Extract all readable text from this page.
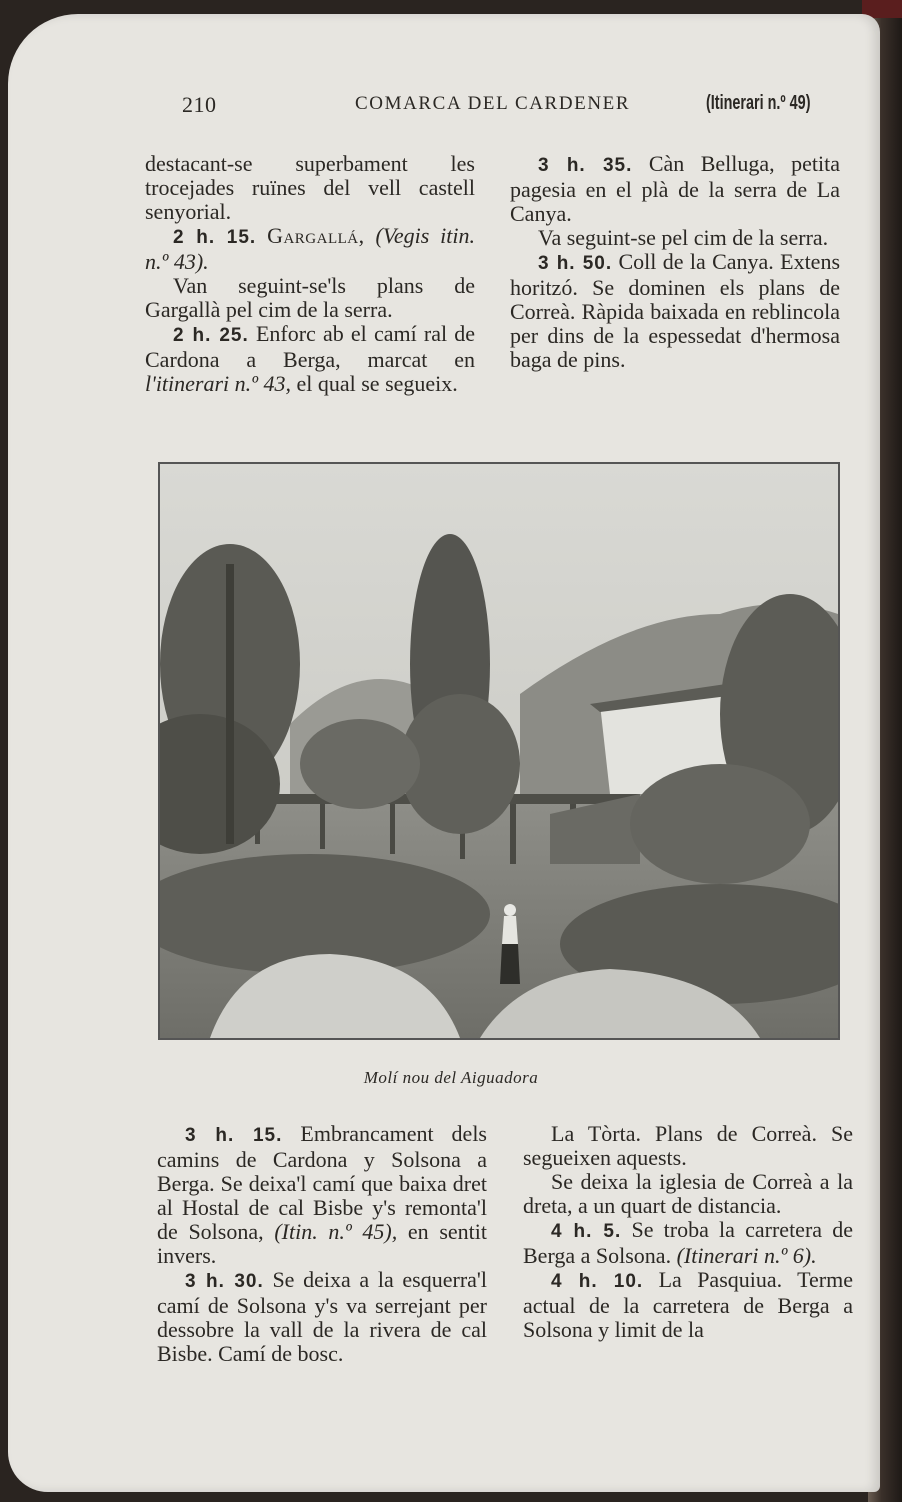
210	COMARCA DEL CARDENER	(Itinerari n.º 49)

destacant-se superbament les trocejades ruïnes del vell castell senyorial.

2 h. 15. Gargallá, (Vegis itin. n.º 43).

Van seguint-se'ls plans de Gargallà pel cim de la serra.

2 h. 25. Enforc ab el camí ral de Cardona a Berga, marcat en l'itinerari n.º 43, el qual se segueix.

3 h. 35. Càn Belluga, petita pagesia en el plà de la serra de La Canya.

Va seguint-se pel cim de la serra.

3 h. 50. Coll de la Canya. Extens horitzó. Se dominen els plans de Correà. Ràpida baixada en reblincola per dins de la espessedat d'hermosa baga de pins.

Molí nou del Aiguadora

3 h. 15. Embrancament dels camins de Cardona y Solsona a Berga. Se deixa'l camí que baixa dret al Hostal de cal Bisbe y's remonta'l de Solsona, (Itin. n.º 45), en sentit invers.

3 h. 30. Se deixa a la esquerra'l camí de Solsona y's va serrejant per dessobre la vall de la rivera de cal Bisbe. Camí de bosc.

La Tòrta. Plans de Correà. Se segueixen aquests.

Se deixa la iglesia de Correà a la dreta, a un quart de distancia.

4 h. 5. Se troba la carretera de Berga a Solsona. (Itinerari n.º 6).

4 h. 10. La Pasquiua. Terme actual de la carretera de Berga a Solsona y limit de la
